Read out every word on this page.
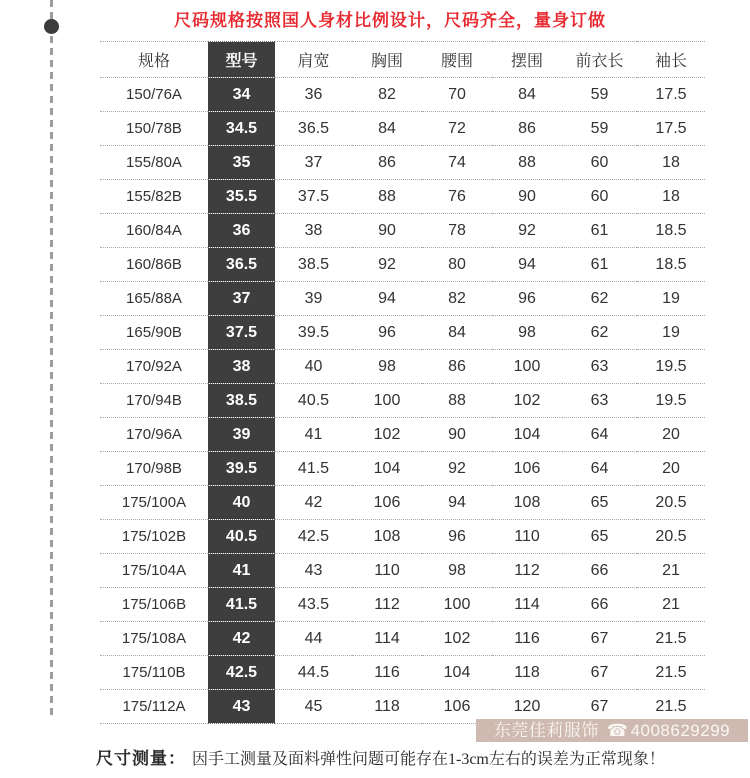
尺码规格按照国人身材比例设计，尺码齐全，量身订做
规格	型号	肩宽	胸围	腰围	摆围	前衣长	袖长
150/76A	34	36	82	70	84	59	17.5
150/78B	34.5	36.5	84	72	86	59	17.5
155/80A	35	37	86	74	88	60	18
155/82B	35.5	37.5	88	76	90	60	18
160/84A	36	38	90	78	92	61	18.5
160/86B	36.5	38.5	92	80	94	61	18.5
165/88A	37	39	94	82	96	62	19
165/90B	37.5	39.5	96	84	98	62	19
170/92A	38	40	98	86	100	63	19.5
170/94B	38.5	40.5	100	88	102	63	19.5
170/96A	39	41	102	90	104	64	20
170/98B	39.5	41.5	104	92	106	64	20
175/100A	40	42	106	94	108	65	20.5
175/102B	40.5	42.5	108	96	110	65	20.5
175/104A	41	43	110	98	112	66	21
175/106B	41.5	43.5	112	100	114	66	21
175/108A	42	44	114	102	116	67	21.5
175/110B	42.5	44.5	116	104	118	67	21.5
175/112A	43	45	118	106	120	67	21.5
东莞佳莉服饰 ☎ 4008629299
尺寸测量： 因手工测量及面料弹性问题可能存在1-3cm左右的误差为正常现象！
